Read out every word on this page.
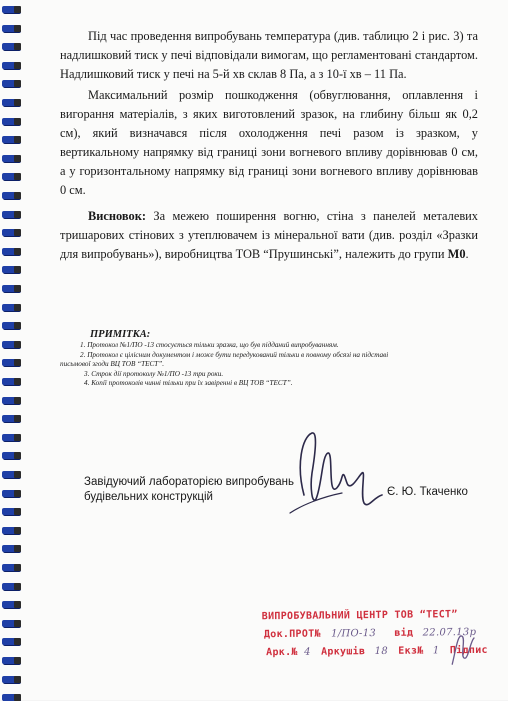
Під час проведення випробувань температура (див. таблицю 2 і рис. 3) та надлишковий тиск у печі відповідали вимогам, що регламентовані стандартом. Надлишковий тиск у печі на 5-й хв склав 8 Па, а з 10-ї хв – 11 Па.

Максимальний розмір пошкодження (обвуглювання, оплавлення і вигорання матеріалів, з яких виготовлений зразок, на глибину більш як 0,2 см), який визначався після охолодження печі разом із зразком, у вертикальному напрямку від границі зони вогневого впливу дорівнював 0 см, а у горизонтальному напрямку від границі зони вогневого впливу дорівнював 0 см.

Висновок: За межею поширення вогню, стіна з панелей металевих тришарових стінових з утеплювачем із мінеральної вати (див. розділ «Зразки для випробувань»), виробництва ТОВ “Прушинські”, належить до групи М0.

ПРИМІТКА:

1. Протокол №1/ПО -13 стосується тільки зразка, що був підданий випробуванням.

2. Протокол є цілісним документом і може бути передукований тільки в повному обсязі на підставі

письмової згоди ВЦ ТОВ “ТЕСТ”.

3. Строк дії протоколу №1/ПО -13 три роки.

4. Копії протоколів чинні тільки при їх завіренні в ВЦ ТОВ “ТЕСТ”.

Завідуючий лабораторією випробувань
будівельних конструкцій	Є. Ю. Ткаченко
ВИПРОБУВАЛЬНИЙ ЦЕНТР ТОВ “ТЕСТ”
Док.ПРОТ№ 1/ПО-13 від 22.07.13р
Арк.№ 4 Аркушів 18 Екз№ 1 Підпис
